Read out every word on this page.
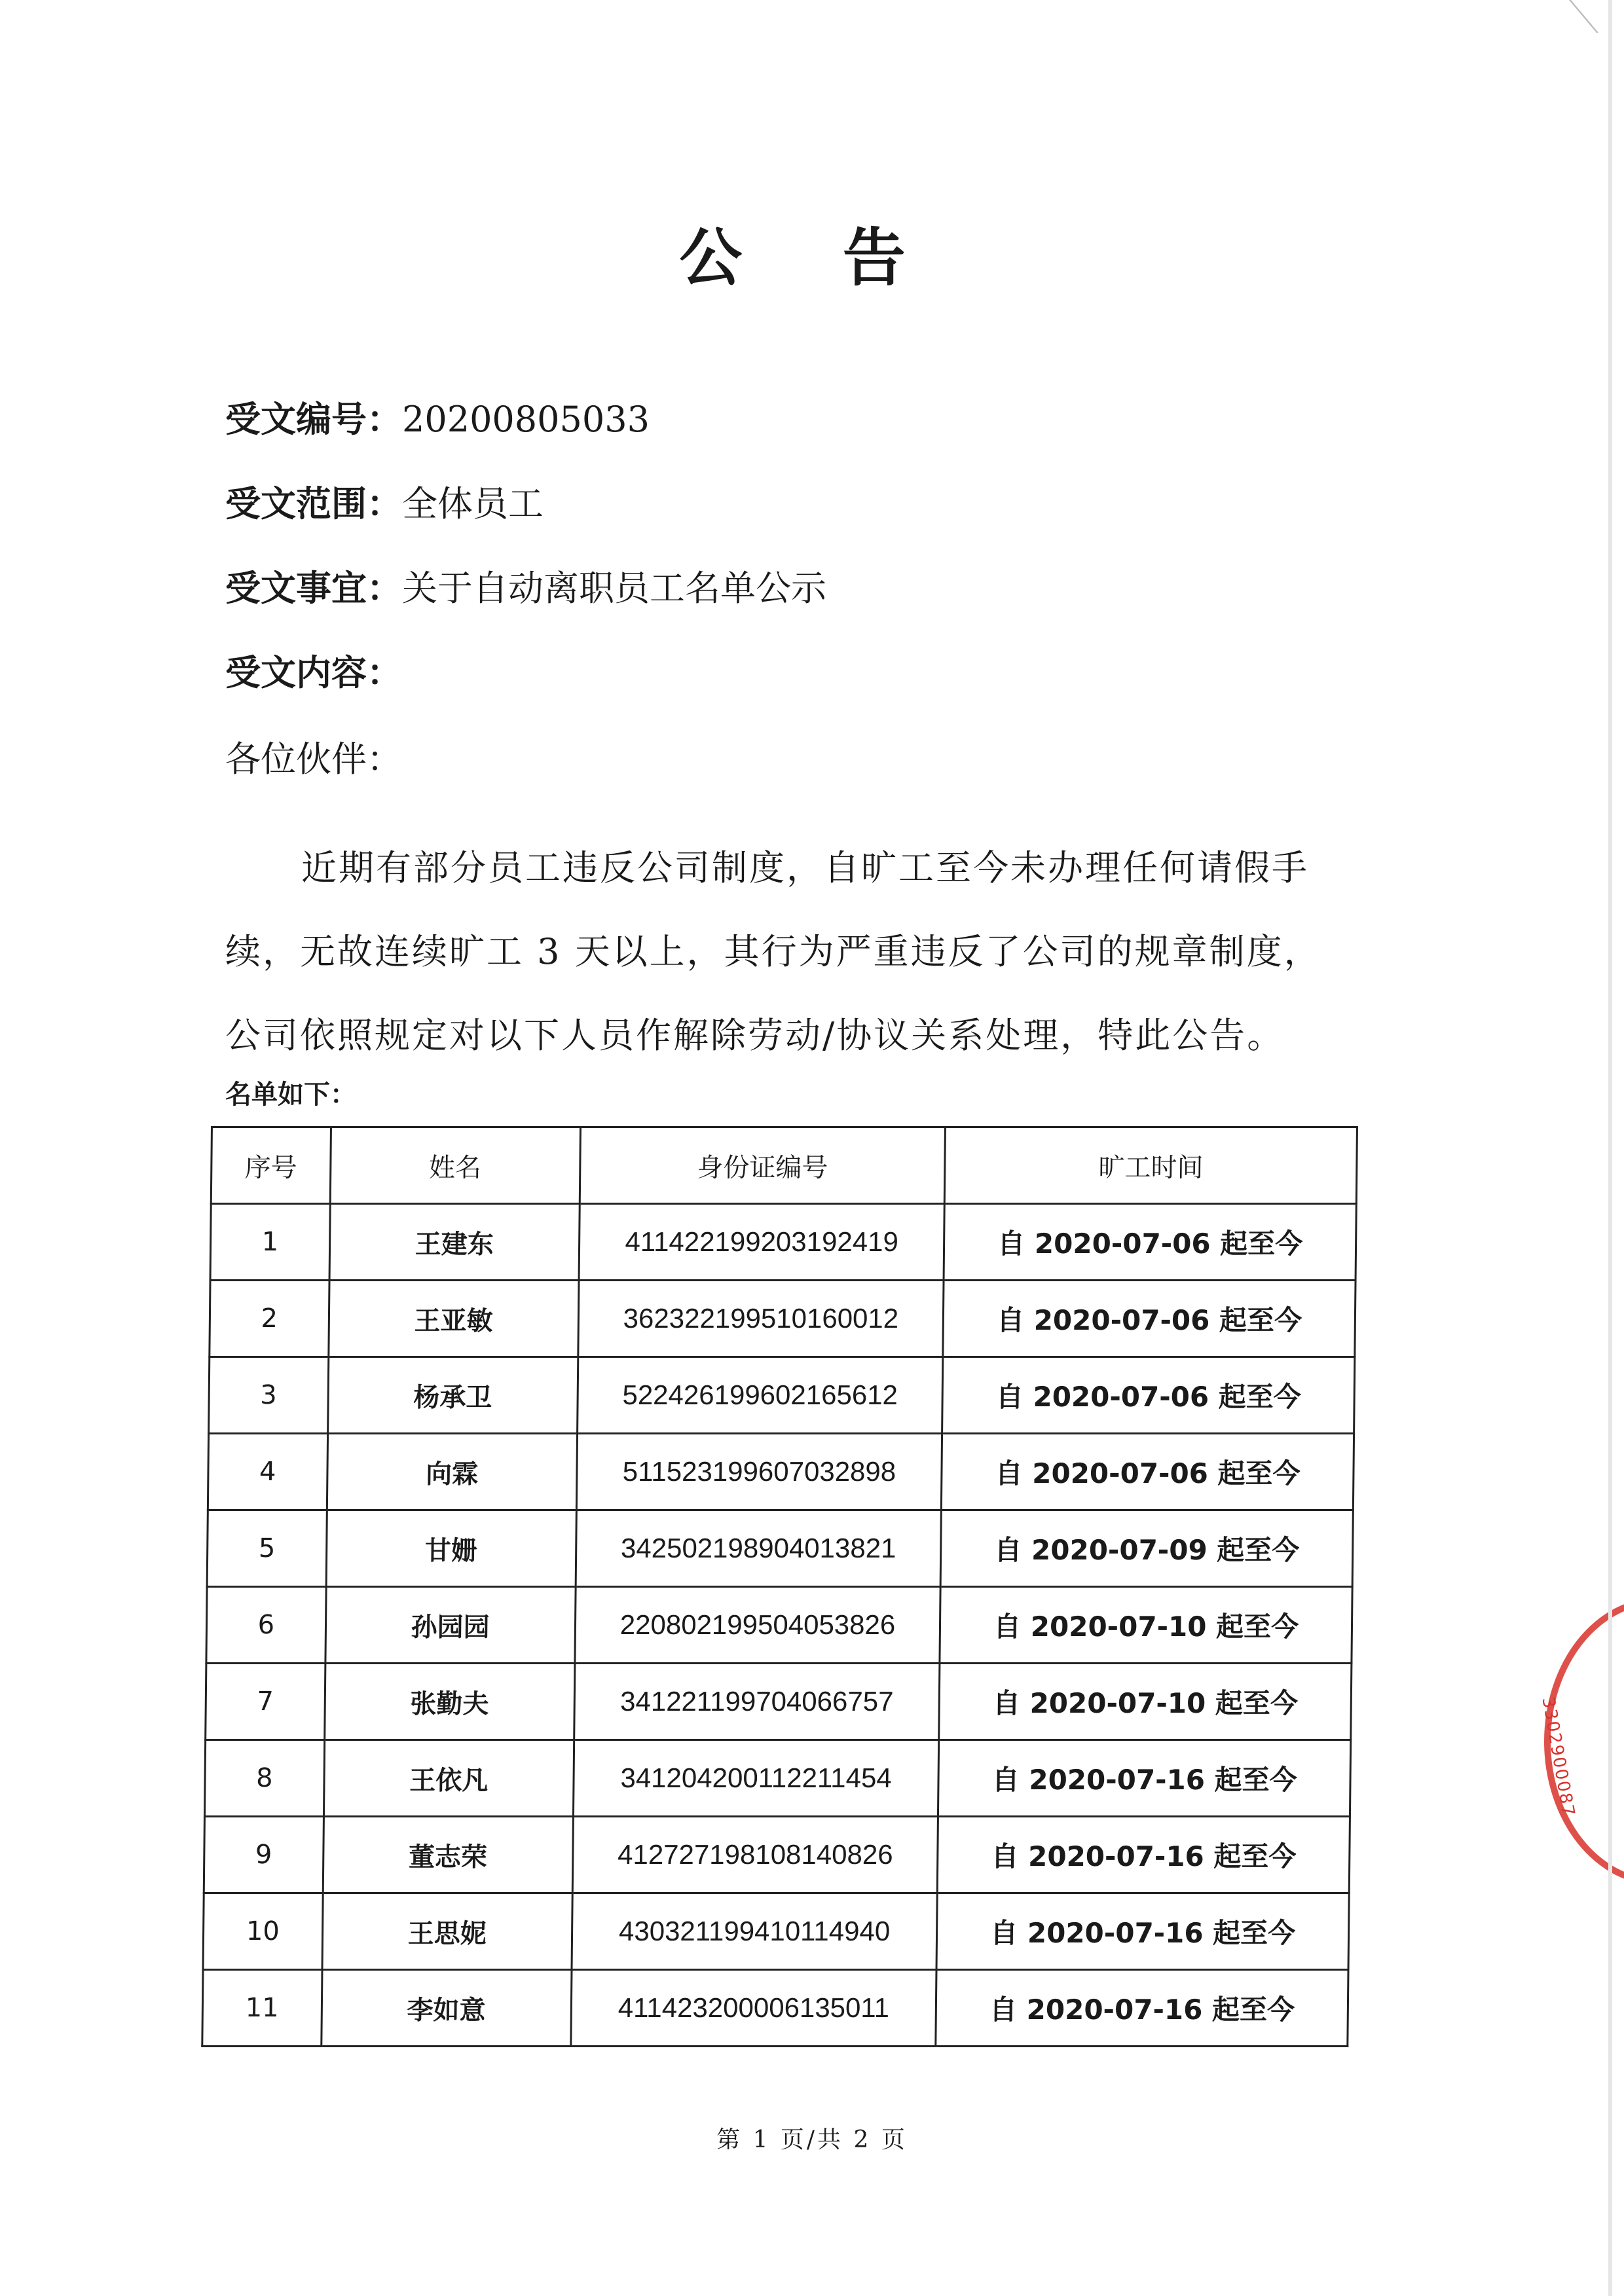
公 告
受文编号：20200805033
受文范围：全体员工
受文事宜：关于自动离职员工名单公示
受文内容：
各位伙伴：
近期有部分员工违反公司制度，自旷工至今未办理任何请假手续，无故连续旷工 3 天以上，其行为严重违反了公司的规章制度，公司依照规定对以下人员作解除劳动/协议关系处理，特此公告。
名单如下：
序号	姓名	身份证编号	旷工时间
1	王建东	411422199203192419	自 2020-07-06 起至今
2	王亚敏	362322199510160012	自 2020-07-06 起至今
3	杨承卫	522426199602165612	自 2020-07-06 起至今
4	向霖	511523199607032898	自 2020-07-06 起至今
5	甘姗	342502198904013821	自 2020-07-09 起至今
6	孙园园	220802199504053826	自 2020-07-10 起至今
7	张勤夫	341221199704066757	自 2020-07-10 起至今
8	王依凡	341204200112211454	自 2020-07-16 起至今
9	董志荣	412727198108140826	自 2020-07-16 起至今
10	王思妮	430321199410114940	自 2020-07-16 起至今
11	李如意	411423200006135011	自 2020-07-16 起至今
第 1 页/共 2 页
3302900087
